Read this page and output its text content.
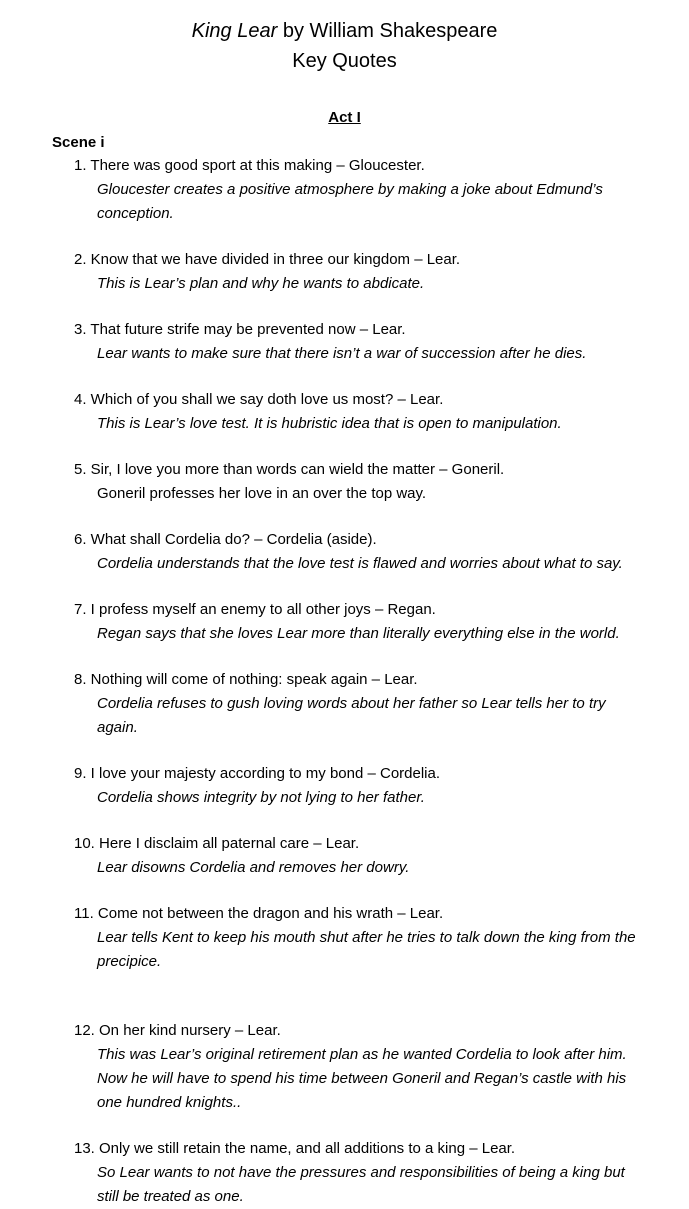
King Lear by William Shakespeare
Key Quotes
Act I
Scene i
1. There was good sport at this making – Gloucester.
Gloucester creates a positive atmosphere by making a joke about Edmund’s conception.
2. Know that we have divided in three our kingdom – Lear.
This is Lear’s plan and why he wants to abdicate.
3. That future strife may be prevented now – Lear.
Lear wants to make sure that there isn’t a war of succession after he dies.
4. Which of you shall we say doth love us most? – Lear.
This is Lear’s love test. It is hubristic idea that is open to manipulation.
5. Sir, I love you more than words can wield the matter – Goneril.
Goneril professes her love in an over the top way.
6. What shall Cordelia do? – Cordelia (aside).
Cordelia understands that the love test is flawed and worries about what to say.
7. I profess myself an enemy to all other joys – Regan.
Regan says that she loves Lear more than literally everything else in the world.
8. Nothing will come of nothing: speak again – Lear.
Cordelia refuses to gush loving words about her father so Lear tells her to try again.
9. I love your majesty according to my bond – Cordelia.
Cordelia shows integrity by not lying to her father.
10. Here I disclaim all paternal care – Lear.
Lear disowns Cordelia and removes her dowry.
11. Come not between the dragon and his wrath – Lear.
Lear tells Kent to keep his mouth shut after he tries to talk down the king from the precipice.
12. On her kind nursery – Lear.
This was Lear’s original retirement plan as he wanted Cordelia to look after him. Now he will have to spend his time between Goneril and Regan’s castle with his one hundred knights..
13. Only we still retain the name, and all additions to a king – Lear.
So Lear wants to not have the pressures and responsibilities of being a king but still be treated as one.
